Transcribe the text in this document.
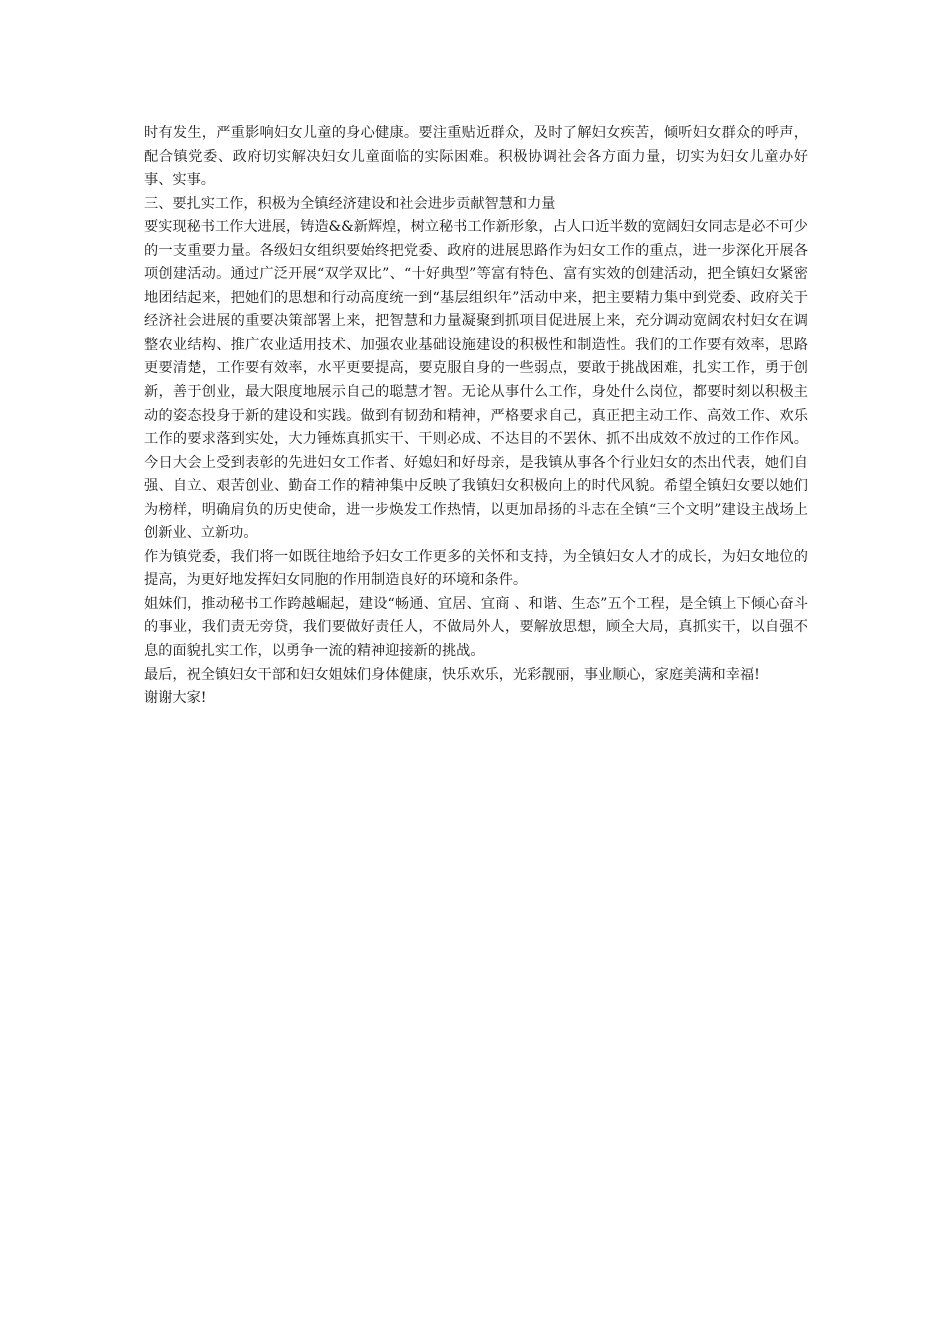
时有发生，严重影响妇女儿童的身心健康。要注重贴近群众，及时了解妇女疾苦，倾听妇女群众的呼声，配合镇党委、政府切实解决妇女儿童面临的实际困难。积极协调社会各方面力量，切实为妇女儿童办好事、实事。

三、要扎实工作，积极为全镇经济建设和社会进步贡献智慧和力量

要实现秘书工作大进展，铸造&&新辉煌，树立秘书工作新形象，占人口近半数的宽阔妇女同志是必不可少的一支重要力量。各级妇女组织要始终把党委、政府的进展思路作为妇女工作的重点，进一步深化开展各项创建活动。通过广泛开展“双学双比”、“十好典型”等富有特色、富有实效的创建活动，把全镇妇女紧密地团结起来，把她们的思想和行动高度统一到“基层组织年”活动中来，把主要精力集中到党委、政府关于经济社会进展的重要决策部署上来，把智慧和力量凝聚到抓项目促进展上来，充分调动宽阔农村妇女在调整农业结构、推广农业适用技术、加强农业基础设施建设的积极性和制造性。我们的工作要有效率，思路更要清楚，工作要有效率，水平更要提高，要克服自身的一些弱点，要敢于挑战困难，扎实工作，勇于创新，善于创业，最大限度地展示自己的聪慧才智。无论从事什么工作，身处什么岗位，都要时刻以积极主动的姿态投身于新的建设和实践。做到有韧劲和精神，严格要求自己，真正把主动工作、高效工作、欢乐工作的要求落到实处，大力锤炼真抓实干、干则必成、不达目的不罢休、抓不出成效不放过的工作作风。今日大会上受到表彰的先进妇女工作者、好媳妇和好母亲，是我镇从事各个行业妇女的杰出代表，她们自强、自立、艰苦创业、勤奋工作的精神集中反映了我镇妇女积极向上的时代风貌。希望全镇妇女要以她们为榜样，明确肩负的历史使命，进一步焕发工作热情，以更加昂扬的斗志在全镇“三个文明”建设主战场上创新业、立新功。

作为镇党委，我们将一如既往地给予妇女工作更多的关怀和支持，为全镇妇女人才的成长，为妇女地位的提高，为更好地发挥妇女同胞的作用制造良好的环境和条件。

姐妹们，推动秘书工作跨越崛起，建设“畅通、宜居、宜商 、和谐、生态”五个工程，是全镇上下倾心奋斗的事业，我们责无旁贷，我们要做好责任人，不做局外人，要解放思想，顾全大局，真抓实干，以自强不息的面貌扎实工作，以勇争一流的精神迎接新的挑战。

最后，祝全镇妇女干部和妇女姐妹们身体健康，快乐欢乐，光彩靓丽，事业顺心，家庭美满和幸福!

谢谢大家!
